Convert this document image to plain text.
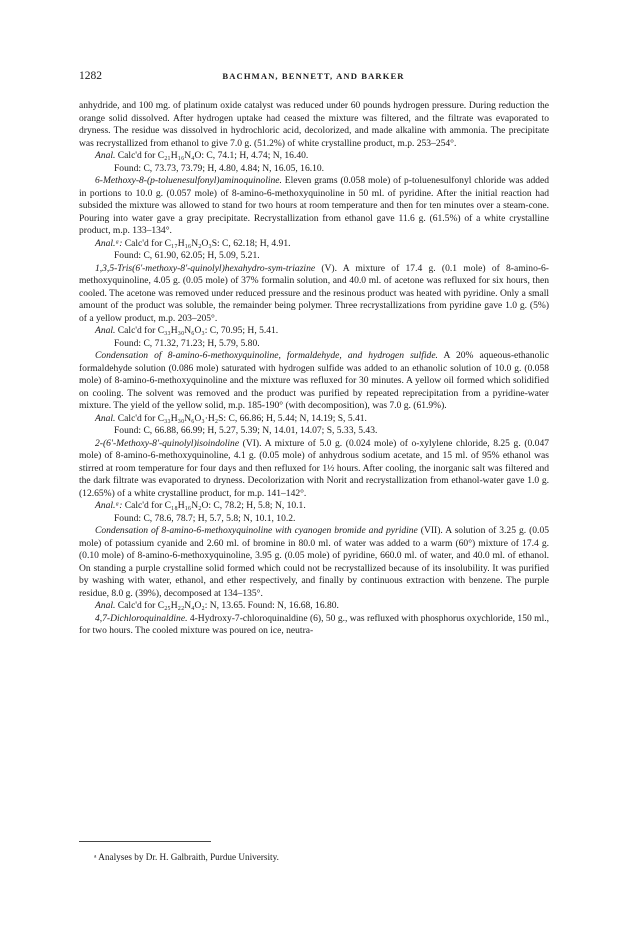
1282	BACHMAN, BENNETT, AND BARKER

anhydride, and 100 mg. of platinum oxide catalyst was reduced under 60 pounds hydrogen pressure. During reduction the orange solid dissolved. After hydrogen uptake had ceased the mixture was filtered, and the filtrate was evaporated to dryness. The residue was dissolved in hydrochloric acid, decolorized, and made alkaline with ammonia. The precipitate was recrystallized from ethanol to give 7.0 g. (51.2%) of white crystalline product, m.p. 253–254°.

Anal. Calc'd for C₂₁H₁₆N₄O: C, 74.1; H, 4.74; N, 16.40.

Found: C, 73.73, 73.79; H, 4.80, 4.84; N, 16.05, 16.10.

6-Methoxy-8-(p-toluenesulfonyl)aminoquinoline. Eleven grams (0.058 mole) of p-toluenesulfonyl chloride was added in portions to 10.0 g. (0.057 mole) of 8-amino-6-methoxyquinoline in 50 ml. of pyridine. After the initial reaction had subsided the mixture was allowed to stand for two hours at room temperature and then for ten minutes over a steam-cone. Pouring into water gave a gray precipitate. Recrystallization from ethanol gave 11.6 g. (61.5%) of a white crystalline product, m.p. 133–134°.

Anal.ᵃ: Calc'd for C₁₇H₁₆N₂O₃S: C, 62.18; H, 4.91.

Found: C, 61.90, 62.05; H, 5.09, 5.21.

1,3,5-Tris(6'-methoxy-8'-quinolyl)hexahydro-sym-triazine (V). A mixture of 17.4 g. (0.1 mole) of 8-amino-6-methoxyquinoline, 4.05 g. (0.05 mole) of 37% formalin solution, and 40.0 ml. of acetone was refluxed for six hours, then cooled. The acetone was removed under reduced pressure and the resinous product was heated with pyridine. Only a small amount of the product was soluble, the remainder being polymer. Three recrystallizations from pyridine gave 1.0 g. (5%) of a yellow product, m.p. 203–205°.

Anal. Calc'd for C₃₃H₃₀N₆O₃: C, 70.95; H, 5.41.

Found: C, 71.32, 71.23; H, 5.79, 5.80.

Condensation of 8-amino-6-methoxyquinoline, formaldehyde, and hydrogen sulfide. A 20% aqueous-ethanolic formaldehyde solution (0.086 mole) saturated with hydrogen sulfide was added to an ethanolic solution of 10.0 g. (0.058 mole) of 8-amino-6-methoxyquinoline and the mixture was refluxed for 30 minutes. A yellow oil formed which solidified on cooling. The solvent was removed and the product was purified by repeated reprecipitation from a pyridine-water mixture. The yield of the yellow solid, m.p. 185-190° (with decomposition), was 7.0 g. (61.9%).

Anal. Calc'd for C₃₃H₃₀N₆O₃·H₂S: C, 66.86; H, 5.44; N, 14.19; S, 5.41.

Found: C, 66.88, 66.99; H, 5.27, 5.39; N, 14.01, 14.07; S, 5.33, 5.43.

2-(6'-Methoxy-8'-quinolyl)isoindoline (VI). A mixture of 5.0 g. (0.024 mole) of o-xylylene chloride, 8.25 g. (0.047 mole) of 8-amino-6-methoxyquinoline, 4.1 g. (0.05 mole) of anhydrous sodium acetate, and 15 ml. of 95% ethanol was stirred at room temperature for four days and then refluxed for 1½ hours. After cooling, the inorganic salt was filtered and the dark filtrate was evaporated to dryness. Decolorization with Norit and recrystallization from ethanol-water gave 1.0 g. (12.65%) of a white crystalline product, for m.p. 141–142°.

Anal.ᵃ: Calc'd for C₁₈H₁₆N₂O: C, 78.2; H, 5.8; N, 10.1.

Found: C, 78.6, 78.7; H, 5.7, 5.8; N, 10.1, 10.2.

Condensation of 8-amino-6-methoxyquinoline with cyanogen bromide and pyridine (VII). A solution of 3.25 g. (0.05 mole) of potassium cyanide and 2.60 ml. of bromine in 80.0 ml. of water was added to a warm (60°) mixture of 17.4 g. (0.10 mole) of 8-amino-6-methoxyquinoline, 3.95 g. (0.05 mole) of pyridine, 660.0 ml. of water, and 40.0 ml. of ethanol. On standing a purple crystalline solid formed which could not be recrystallized because of its insolubility. It was purified by washing with water, ethanol, and ether respectively, and finally by continuous extraction with benzene. The purple residue, 8.0 g. (39%), decomposed at 134–135°.

Anal. Calc'd for C₂₅H₂₂N₄O₂: N, 13.65. Found: N, 16.68, 16.80.

4,7-Dichloroquinaldine. 4-Hydroxy-7-chloroquinaldine (6), 50 g., was refluxed with phosphorus oxychloride, 150 ml., for two hours. The cooled mixture was poured on ice, neutra-

ᵃ Analyses by Dr. H. Galbraith, Purdue University.
